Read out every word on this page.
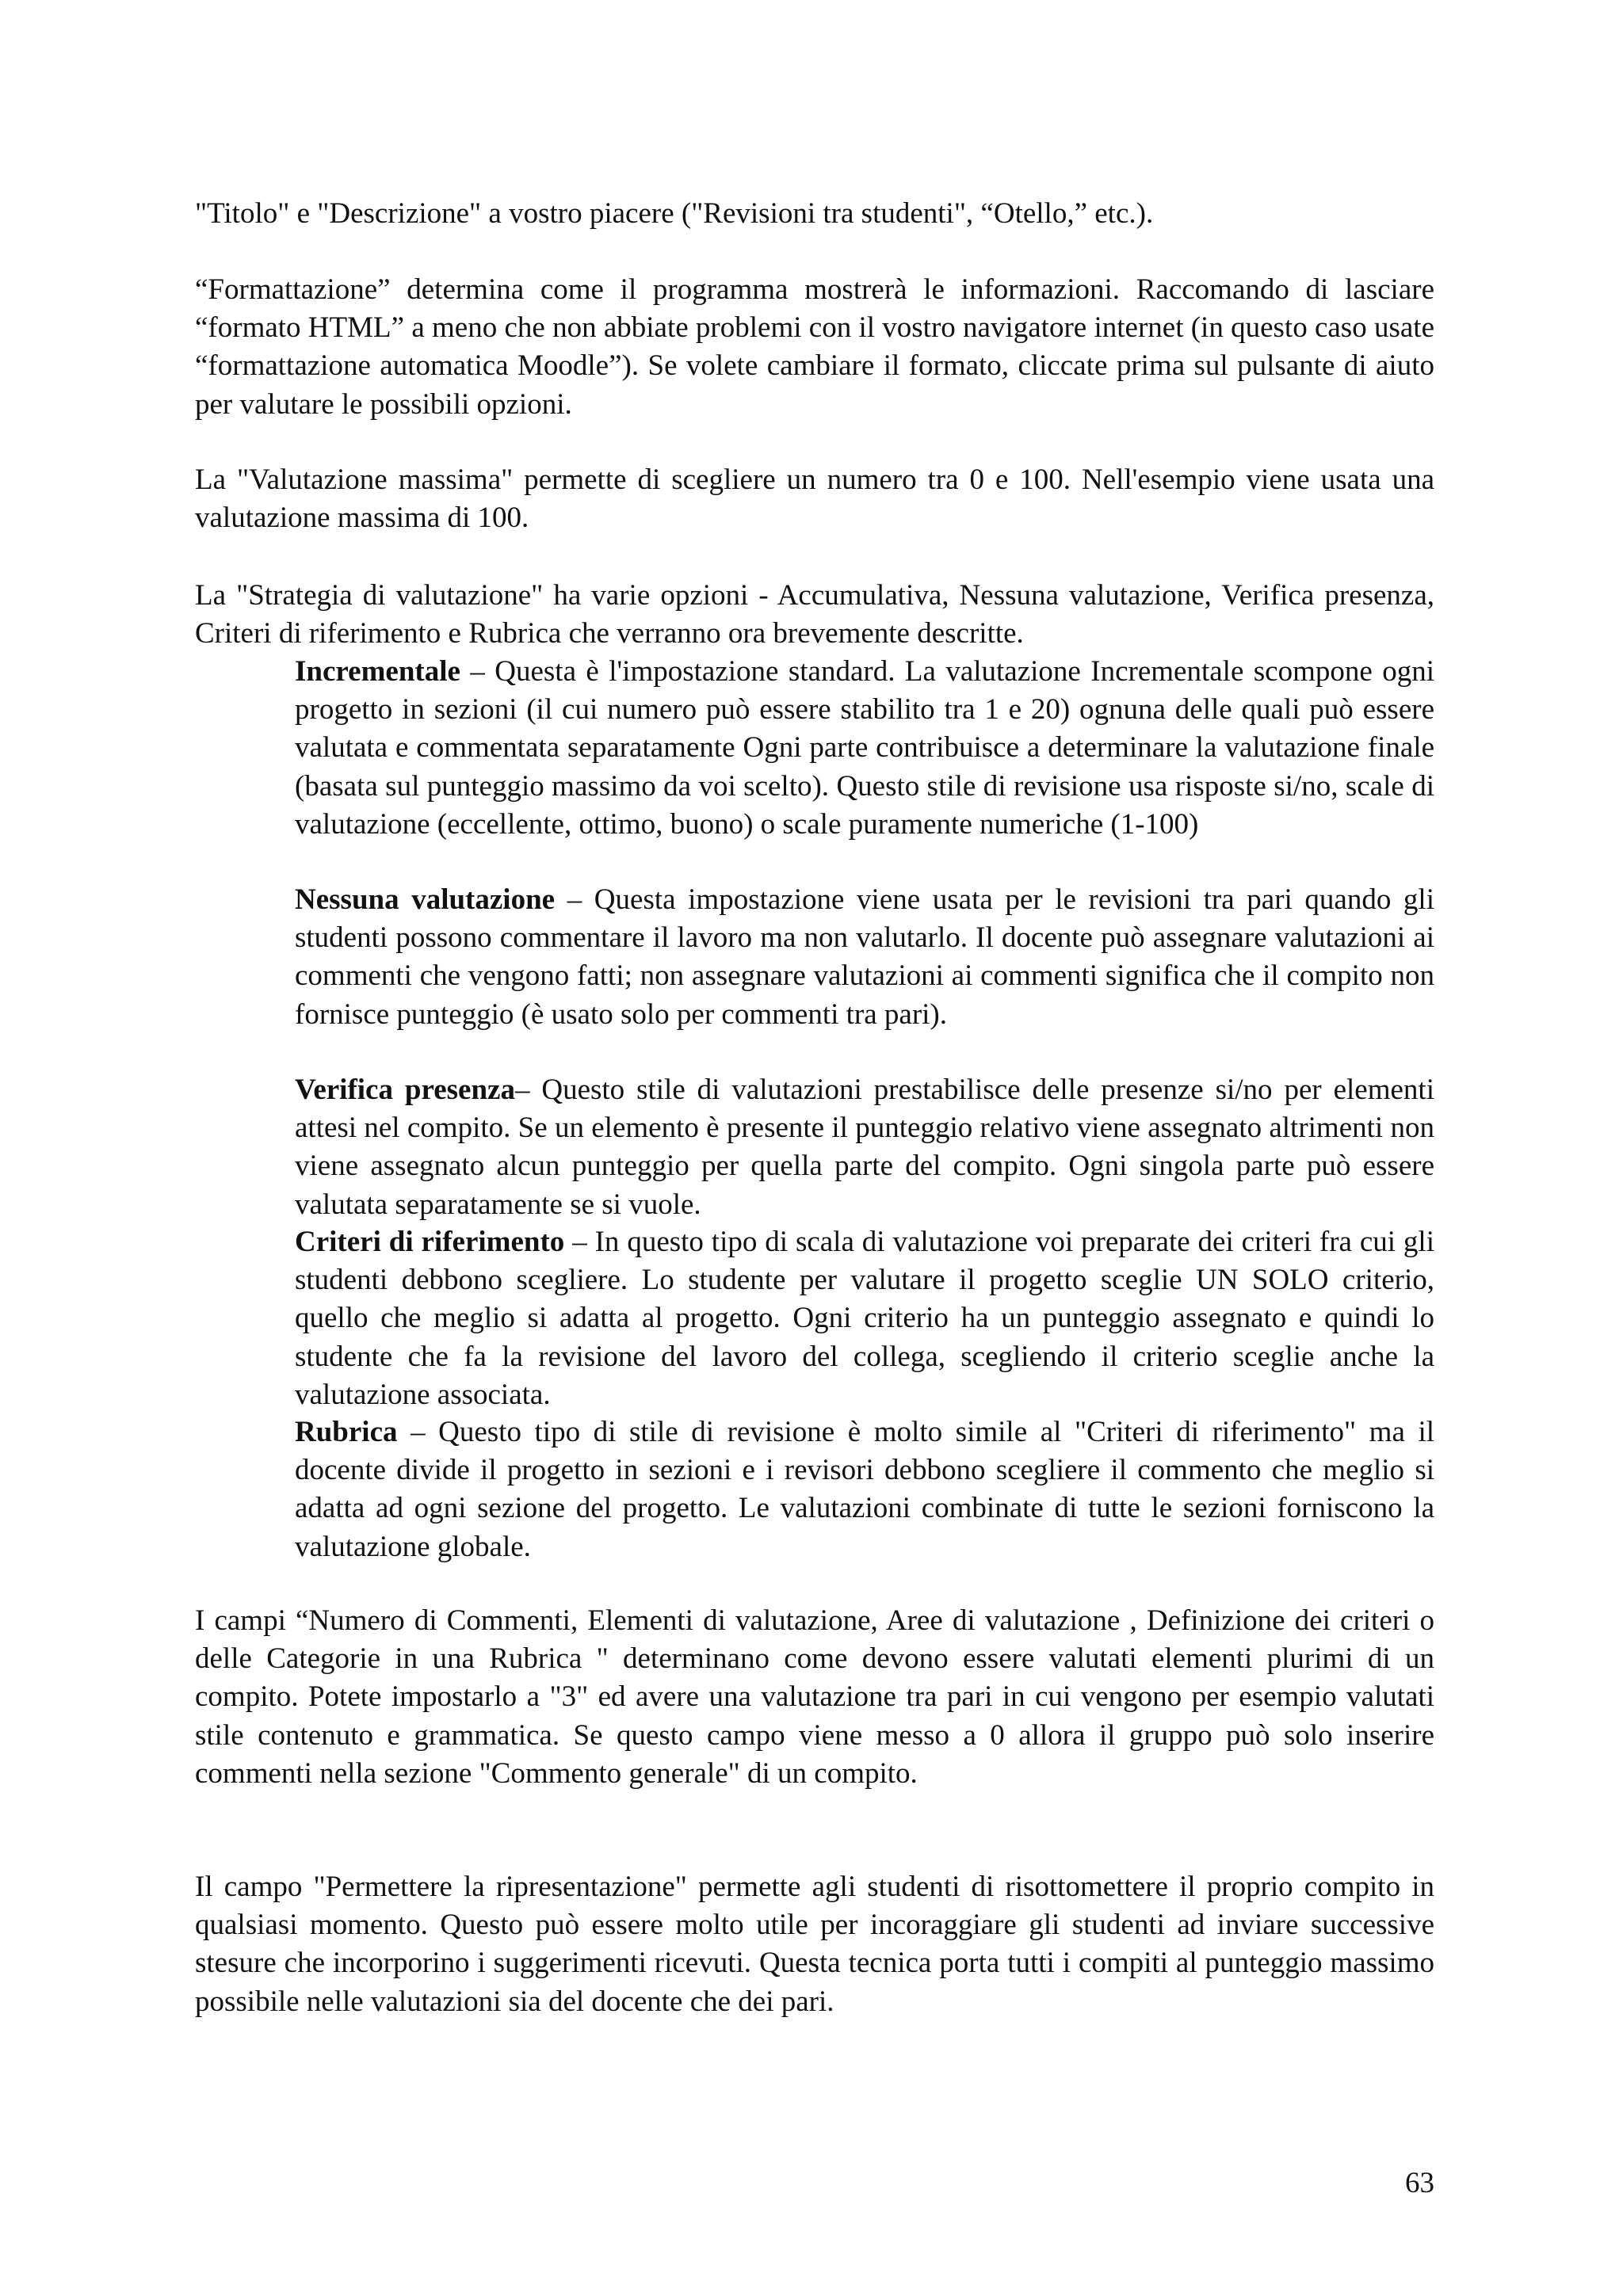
"Titolo" e "Descrizione" a vostro piacere ("Revisioni tra studenti", “Otello,” etc.).
“Formattazione” determina come il programma mostrerà le informazioni. Raccomando di lasciare “formato HTML” a meno che non abbiate problemi con il vostro navigatore internet (in questo caso usate “formattazione automatica Moodle”). Se volete cambiare il formato, cliccate prima sul pulsante di aiuto per valutare le possibili opzioni.
La "Valutazione massima" permette di scegliere un numero tra 0 e 100. Nell'esempio viene usata una valutazione massima di 100.
La "Strategia di valutazione" ha varie opzioni - Accumulativa, Nessuna valutazione, Verifica presenza, Criteri di riferimento e Rubrica che verranno ora brevemente descritte.
Incrementale – Questa è l'impostazione standard. La valutazione Incrementale scompone ogni progetto in sezioni (il cui numero può essere stabilito tra 1 e 20) ognuna delle quali può essere valutata e commentata separatamente Ogni parte contribuisce a determinare la valutazione finale (basata sul punteggio massimo da voi scelto). Questo stile di revisione usa risposte si/no, scale di valutazione (eccellente, ottimo, buono) o scale puramente numeriche (1-100)
Nessuna valutazione – Questa impostazione viene usata per le revisioni tra pari quando gli studenti possono commentare il lavoro ma non valutarlo. Il docente può assegnare valutazioni ai commenti che vengono fatti; non assegnare valutazioni ai commenti significa che il compito non fornisce punteggio (è usato solo per commenti tra pari).
Verifica presenza– Questo stile di valutazioni prestabilisce delle presenze si/no per elementi attesi nel compito. Se un elemento è presente il punteggio relativo viene assegnato altrimenti non viene assegnato alcun punteggio per quella parte del compito. Ogni singola parte può essere valutata separatamente se si vuole.
Criteri di riferimento – In questo tipo di scala di valutazione voi preparate dei criteri fra cui gli studenti debbono scegliere. Lo studente per valutare il progetto sceglie UN SOLO criterio, quello che meglio si adatta al progetto. Ogni criterio ha un punteggio assegnato e quindi lo studente che fa la revisione del lavoro del collega, scegliendo il criterio sceglie anche la valutazione associata.
Rubrica – Questo tipo di stile di revisione è molto simile al "Criteri di riferimento" ma il docente divide il progetto in sezioni e i revisori debbono scegliere il commento che meglio si adatta ad ogni sezione del progetto. Le valutazioni combinate di tutte le sezioni forniscono la valutazione globale.
I campi “Numero di Commenti, Elementi di valutazione, Aree di valutazione , Definizione dei criteri o delle Categorie in una Rubrica " determinano come devono essere valutati elementi plurimi di un compito. Potete impostarlo a "3" ed avere una valutazione tra pari in cui vengono per esempio valutati stile contenuto e grammatica. Se questo campo viene messo a 0 allora il gruppo può solo inserire commenti nella sezione "Commento generale" di un compito.
Il campo "Permettere la ripresentazione" permette agli studenti di risottomettere il proprio compito in qualsiasi momento. Questo può essere molto utile per incoraggiare gli studenti ad inviare successive stesure che incorporino i suggerimenti ricevuti. Questa tecnica porta tutti i compiti al punteggio massimo possibile nelle valutazioni sia del docente che dei pari.
63
